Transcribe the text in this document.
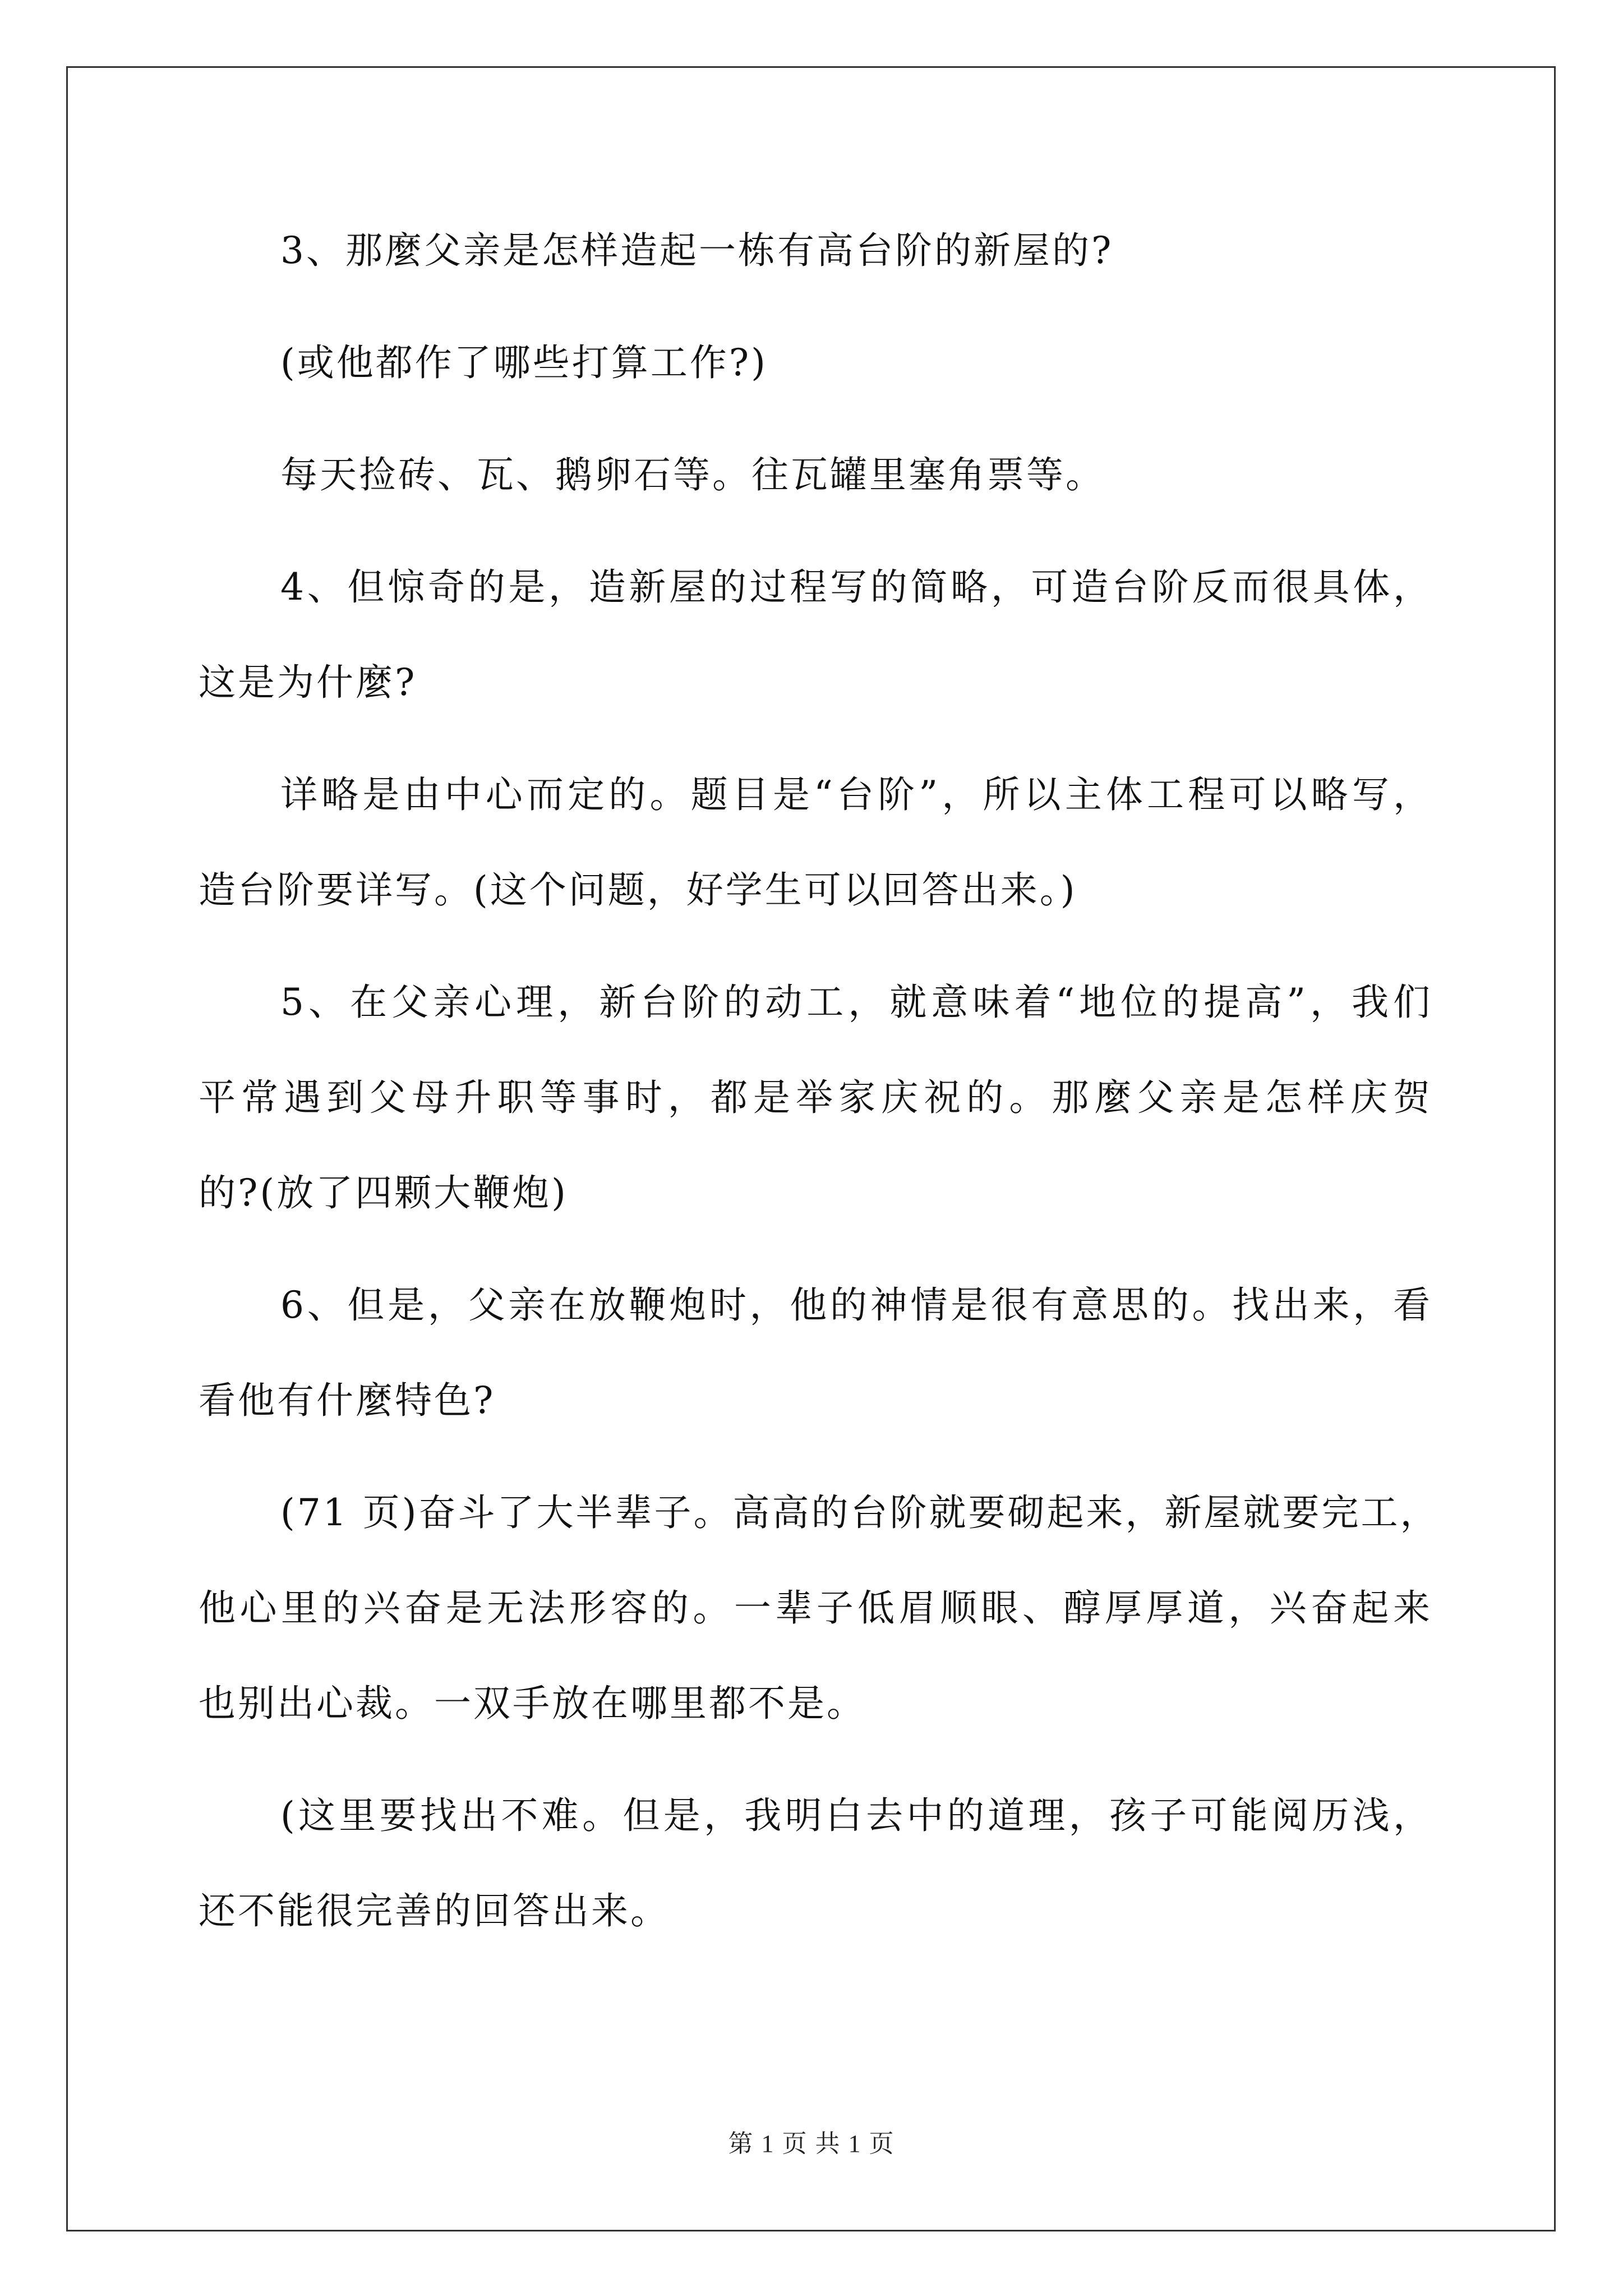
3、那麼父亲是怎样造起一栋有高台阶的新屋的?
(或他都作了哪些打算工作?)
每天捡砖、瓦、鹅卵石等。往瓦罐里塞角票等。
4、但惊奇的是，造新屋的过程写的简略，可造台阶反而很具体，
这是为什麼?
详略是由中心而定的。题目是“台阶”，所以主体工程可以略写，
造台阶要详写。(这个问题，好学生可以回答出来。)
5、在父亲心理，新台阶的动工，就意味着“地位的提高”，我们
平常遇到父母升职等事时，都是举家庆祝的。那麼父亲是怎样庆贺
的?(放了四颗大鞭炮)
6、但是，父亲在放鞭炮时，他的神情是很有意思的。找出来，看
看他有什麼特色?
(71 页)奋斗了大半辈子。高高的台阶就要砌起来，新屋就要完工，
他心里的兴奋是无法形容的。一辈子低眉顺眼、醇厚厚道，兴奋起来
也别出心裁。一双手放在哪里都不是。
(这里要找出不难。但是，我明白去中的道理，孩子可能阅历浅，
还不能很完善的回答出来。
第 1 页 共 1 页
